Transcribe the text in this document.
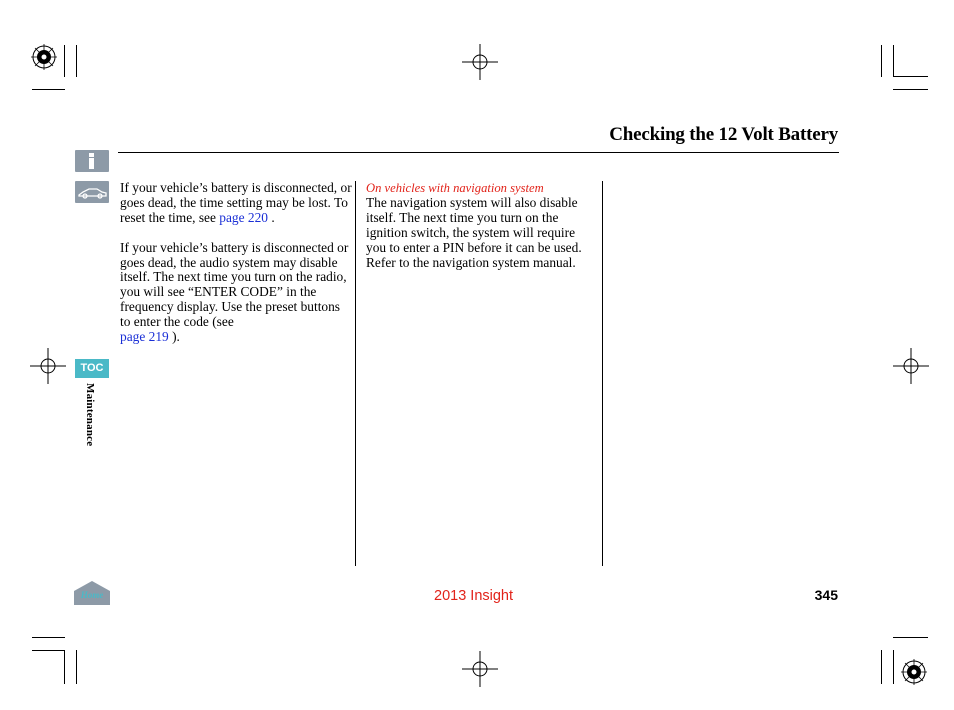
Checking the 12 Volt Battery
TOC
Maintenance

If your vehicle’s battery is disconnected, or goes dead, the time setting may be lost. To reset the time, see page 220 .

If your vehicle’s battery is disconnected or goes dead, the audio system may disable itself. The next time you turn on the radio, you will see “ENTER CODE” in the frequency display. Use the preset buttons to enter the code (see
page 219 ).

On vehicles with navigation system

The navigation system will also disable itself. The next time you turn on the ignition switch, the system will require you to enter a PIN before it can be used. Refer to the navigation system manual.

Home	2013 Insight	345
